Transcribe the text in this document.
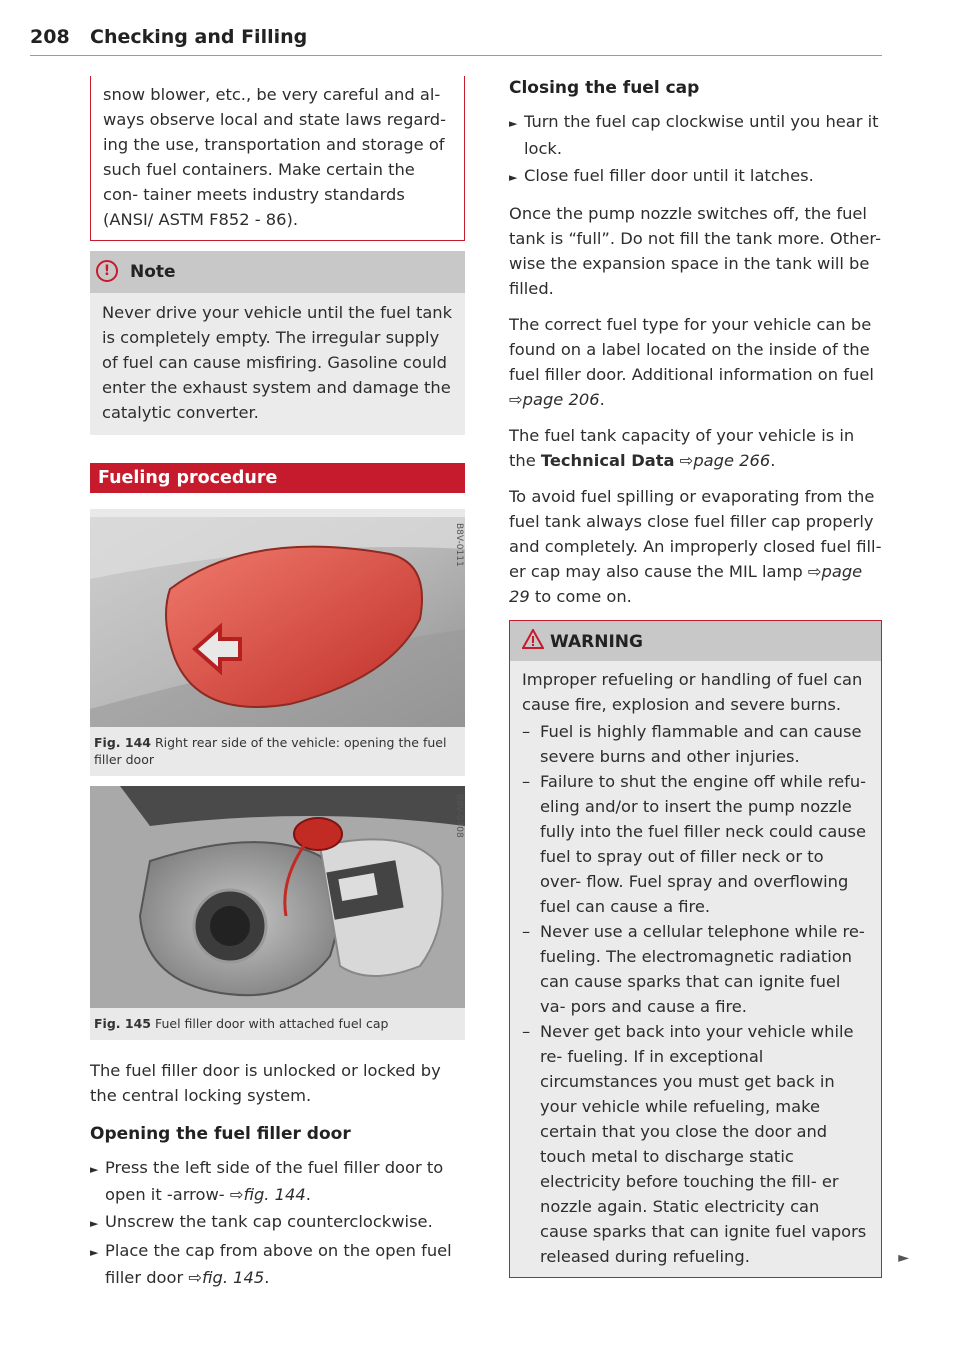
208 Checking and Filling

snow blower, etc., be very careful and al- ways observe local and state laws regard- ing the use, transportation and storage of such fuel containers. Make certain the con- tainer meets industry standards (ANSI/ ASTM F852 - 86).

!	Note

Never drive your vehicle until the fuel tank is completely empty. The irregular supply of fuel can cause misfiring. Gasoline could enter the exhaust system and damage the catalytic converter.

Fueling procedure
B8V-0111
Fig. 144 Right rear side of the vehicle: opening the fuel filler door
B8V-0408
Fig. 145 Fuel filler door with attached fuel cap

The fuel filler door is unlocked or locked by the central locking system.

Opening the fuel filler door

► Press the left side of the fuel filler door to open it -arrow- ⇨fig. 144.

► Unscrew the tank cap counterclockwise.

► Place the cap from above on the open fuel filler door ⇨fig. 145.

Closing the fuel cap

► Turn the fuel cap clockwise until you hear it lock.

► Close fuel filler door until it latches.

Once the pump nozzle switches off, the fuel tank is “full”. Do not fill the tank more. Other- wise the expansion space in the tank will be filled.

The correct fuel type for your vehicle can be found on a label located on the inside of the fuel filler door. Additional information on fuel ⇨page 206.

The fuel tank capacity of your vehicle is in the Technical Data ⇨page 266.

To avoid fuel spilling or evaporating from the fuel tank always close fuel filler cap properly and completely. An improperly closed fuel fill- er cap may also cause the MIL lamp ⇨page 29 to come on.

WARNING

Improper refueling or handling of fuel can cause fire, explosion and severe burns.

– Fuel is highly flammable and can cause severe burns and other injuries.

– Failure to shut the engine off while refu- eling and/or to insert the pump nozzle fully into the fuel filler neck could cause fuel to spray out of filler neck or to over- flow. Fuel spray and overflowing fuel can cause a fire.

– Never use a cellular telephone while re- fueling. The electromagnetic radiation can cause sparks that can ignite fuel va- pors and cause a fire.

– Never get back into your vehicle while re- fueling. If in exceptional circumstances you must get back in your vehicle while refueling, make certain that you close the door and touch metal to discharge static electricity before touching the fill- er nozzle again. Static electricity can cause sparks that can ignite fuel vapors released during refueling.	►
